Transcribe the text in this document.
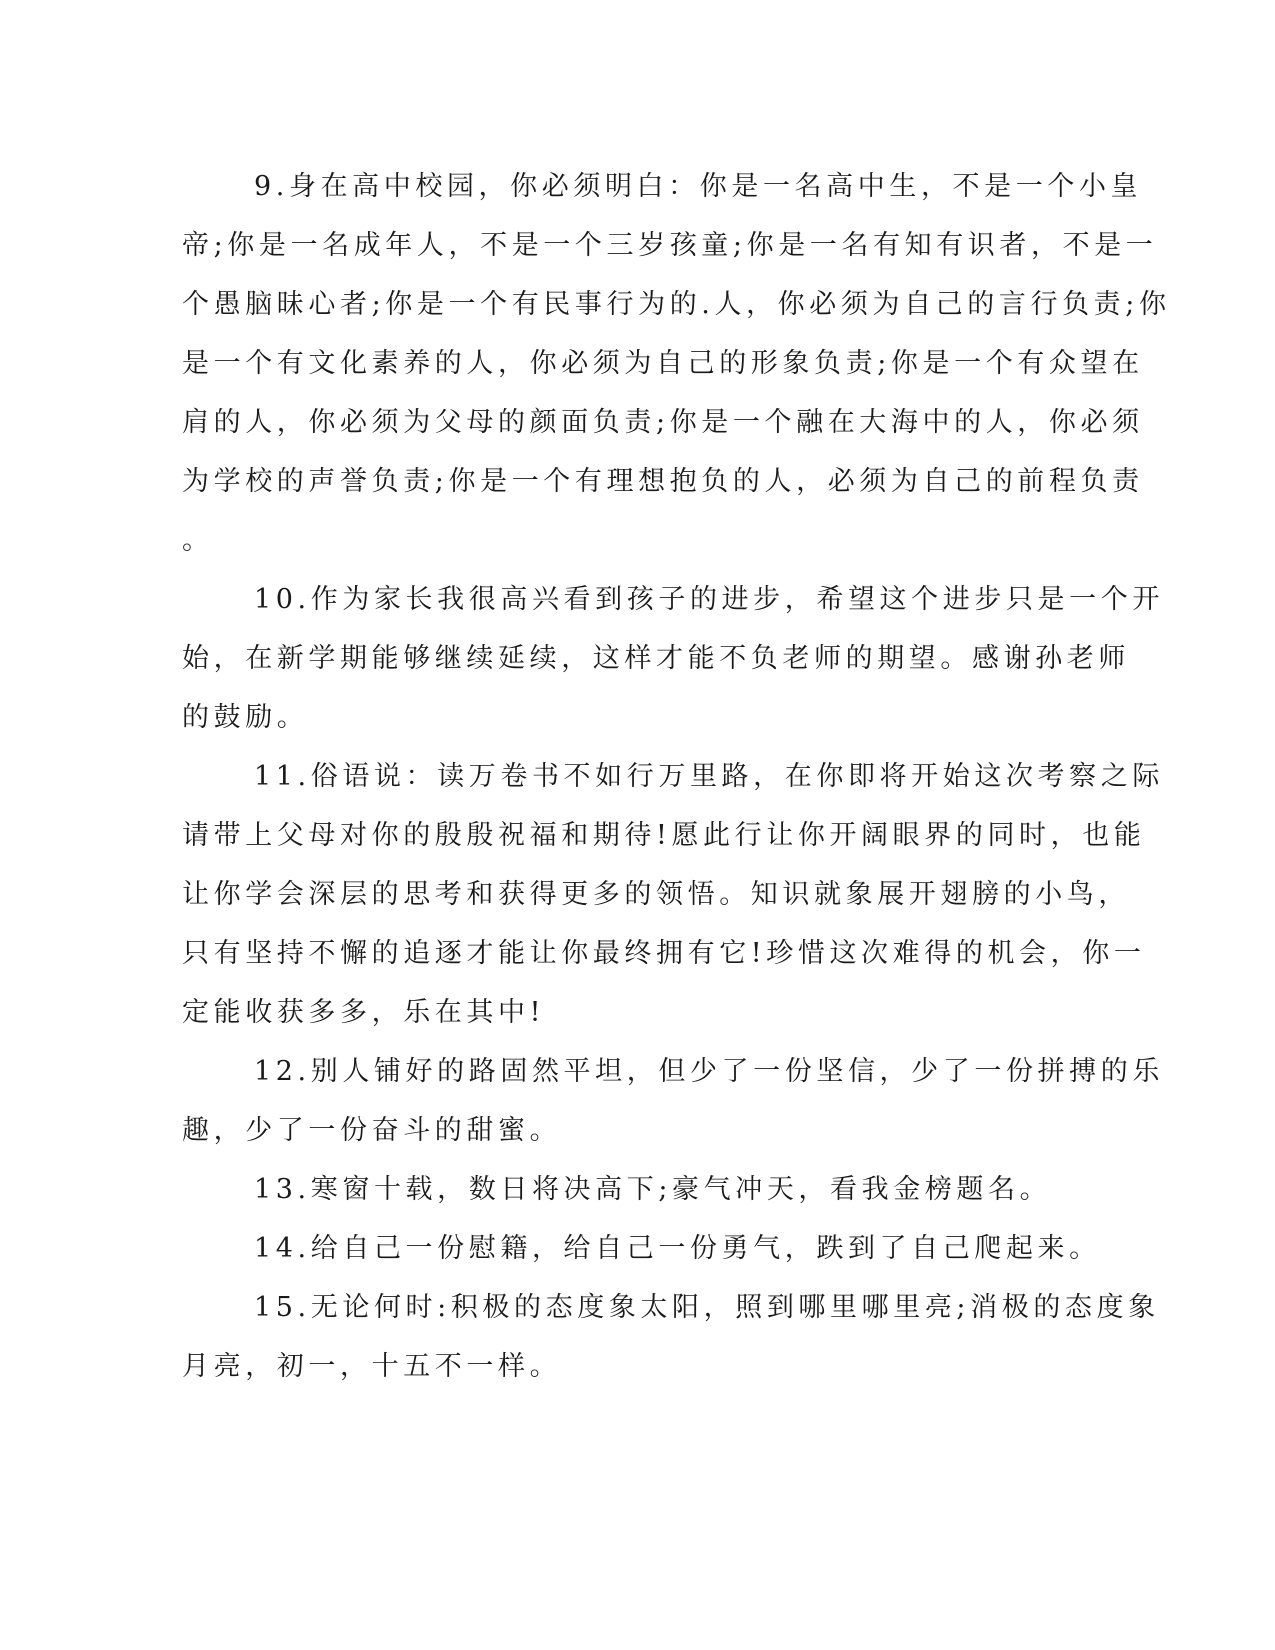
9.身在高中校园，你必须明白：你是一名高中生，不是一个小皇
帝;你是一名成年人，不是一个三岁孩童;你是一名有知有识者，不是一
个愚脑昧心者;你是一个有民事行为的.人，你必须为自己的言行负责;你
是一个有文化素养的人，你必须为自己的形象负责;你是一个有众望在
肩的人，你必须为父母的颜面负责;你是一个融在大海中的人，你必须
为学校的声誉负责;你是一个有理想抱负的人，必须为自己的前程负责
。
10.作为家长我很高兴看到孩子的进步，希望这个进步只是一个开
始，在新学期能够继续延续，这样才能不负老师的期望。感谢孙老师
的鼓励。
11.俗语说：读万卷书不如行万里路，在你即将开始这次考察之际
请带上父母对你的殷殷祝福和期待!愿此行让你开阔眼界的同时，也能
让你学会深层的思考和获得更多的领悟。知识就象展开翅膀的小鸟，
只有坚持不懈的追逐才能让你最终拥有它!珍惜这次难得的机会，你一
定能收获多多，乐在其中!
12.别人铺好的路固然平坦，但少了一份坚信，少了一份拼搏的乐
趣，少了一份奋斗的甜蜜。
13.寒窗十载，数日将决高下;豪气冲天，看我金榜题名。
14.给自己一份慰籍，给自己一份勇气，跌到了自己爬起来。
15.无论何时:积极的态度象太阳，照到哪里哪里亮;消极的态度象
月亮，初一，十五不一样。
